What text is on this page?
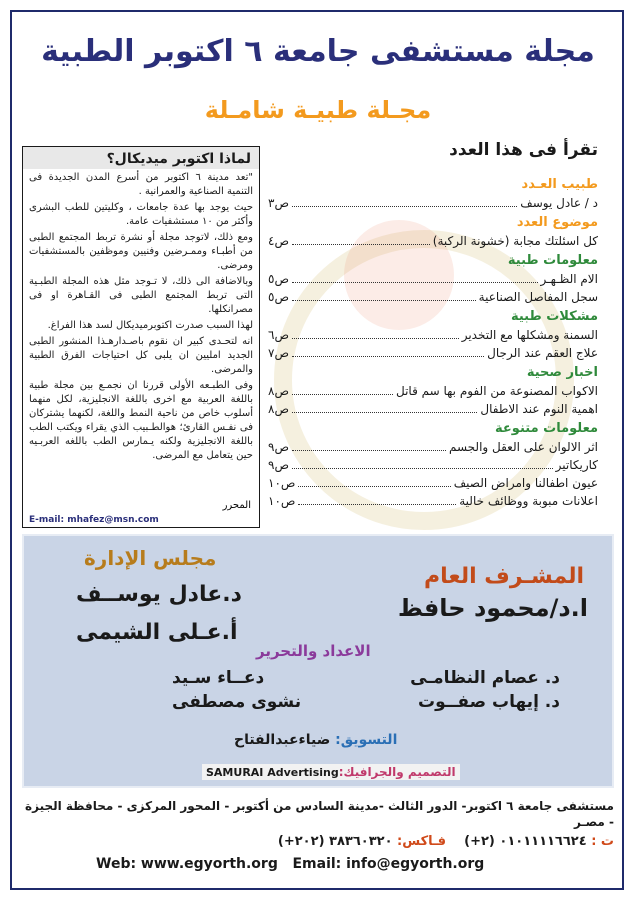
مجلة مستشفى جامعة ٦ اكتوبر الطبية
مجـلة طبيـة شامـلة
تقرأ فى هذا العدد
طبيب العـدد
د / عادل يوسف
ص٣
موضوع العدد
كل اسئلتك مجابة (خشونة الركبة)
ص٤
معلومات طبية
الام الظـهـر
ص٥
سجل المفاصل الصناعية
ص٥
مشكلات طبية
السمنة ومشكلها مع التخدير
ص٦
علاج العقم عند الرجال
ص٧
اخبار صحية
الاكواب المصنوعة من الفوم بها سم قاتل
ص٨
اهمية النوم عند الاطفال
ص٨
معلومات متنوعة
اثر الالوان على العقل والجسم
ص٩
كاريكاتير
ص٩
عيون اطفالنا وامراض الصيف
ص١٠
اعلانات مبوبة ووظائف خالية
ص١٠
لماذا اكتوبر ميديكال؟

"تعد مدينة ٦ اكتوبر من أسرع المدن الجديدة فى التنمية الصناعية والعمرانية .

حيث يوجد بها عدة جامعات ، وكليتين للطب البشرى وأكثر من ١٠ مستشفيات عامة.

ومع ذلك، لاتوجد مجلة أو نشرة تربط المجتمع الطبى من أطبـاء وممـرضين وفنيين وموظفين بالمستشفيات ومرضى.

وبالاضافة الى ذلك، لا تـوجد مثل هذه المجلة الطبـية التى تربط المجتمع الطبى فى القـاهرة او فى مصرانكلها.

لهذا السبب صدرت اكتوبرميديكال لسد هذا الفراغ.

انه لتحـدى كبير ان نقوم باصـدارهـذا المنشور الطبى الجديد امليين ان يلبى كل احتياجات الفرق الطبية والمرضى.

وفى الطبـعه الأولى قررنا ان نجمـع بين مجلة طبية باللغة العربية مع اخرى باللغة الانجليزية، لكل منهما أسلوب خاص من ناحية النمط واللغة، لكنهما يشتركان فى نفـس القارئ؛ هوالطـبيب الذي يقراء ويكتب الطب باللغة الانجليزية ولكنه يـمارس الطب باللغه العربـيه حين يتعامل مع المرضى.

المحرر
E-mail: mhafez@msn.com
مجلس الإدارة
د.عادل يوســف
أ.عـلى الشيمى
المشـرف العام
ا.د/محمود حافظ
الاعداد والتحرير
د. عصام النظامـى
دعــاء سـيد
د. إيهاب صفــوت
نشوى مصطفى
التسويق: ضياءعبدالفتاح
التصميم والجرافيك:SAMURAI Advertising
مستشفى جامعة ٦ اكتوبر- الدور الثالث -مدينة السادس من أكتوبر - المحور المركزى - محافظة الجيزة - مصـر
ت : ٠١٠١١١١٦٦٢٤ (٢+)    فـاكس: ٣٨٣٦٠٣٢٠ (٢٠٢+)
Web: www.egyorth.org Email: info@egyorth.org
